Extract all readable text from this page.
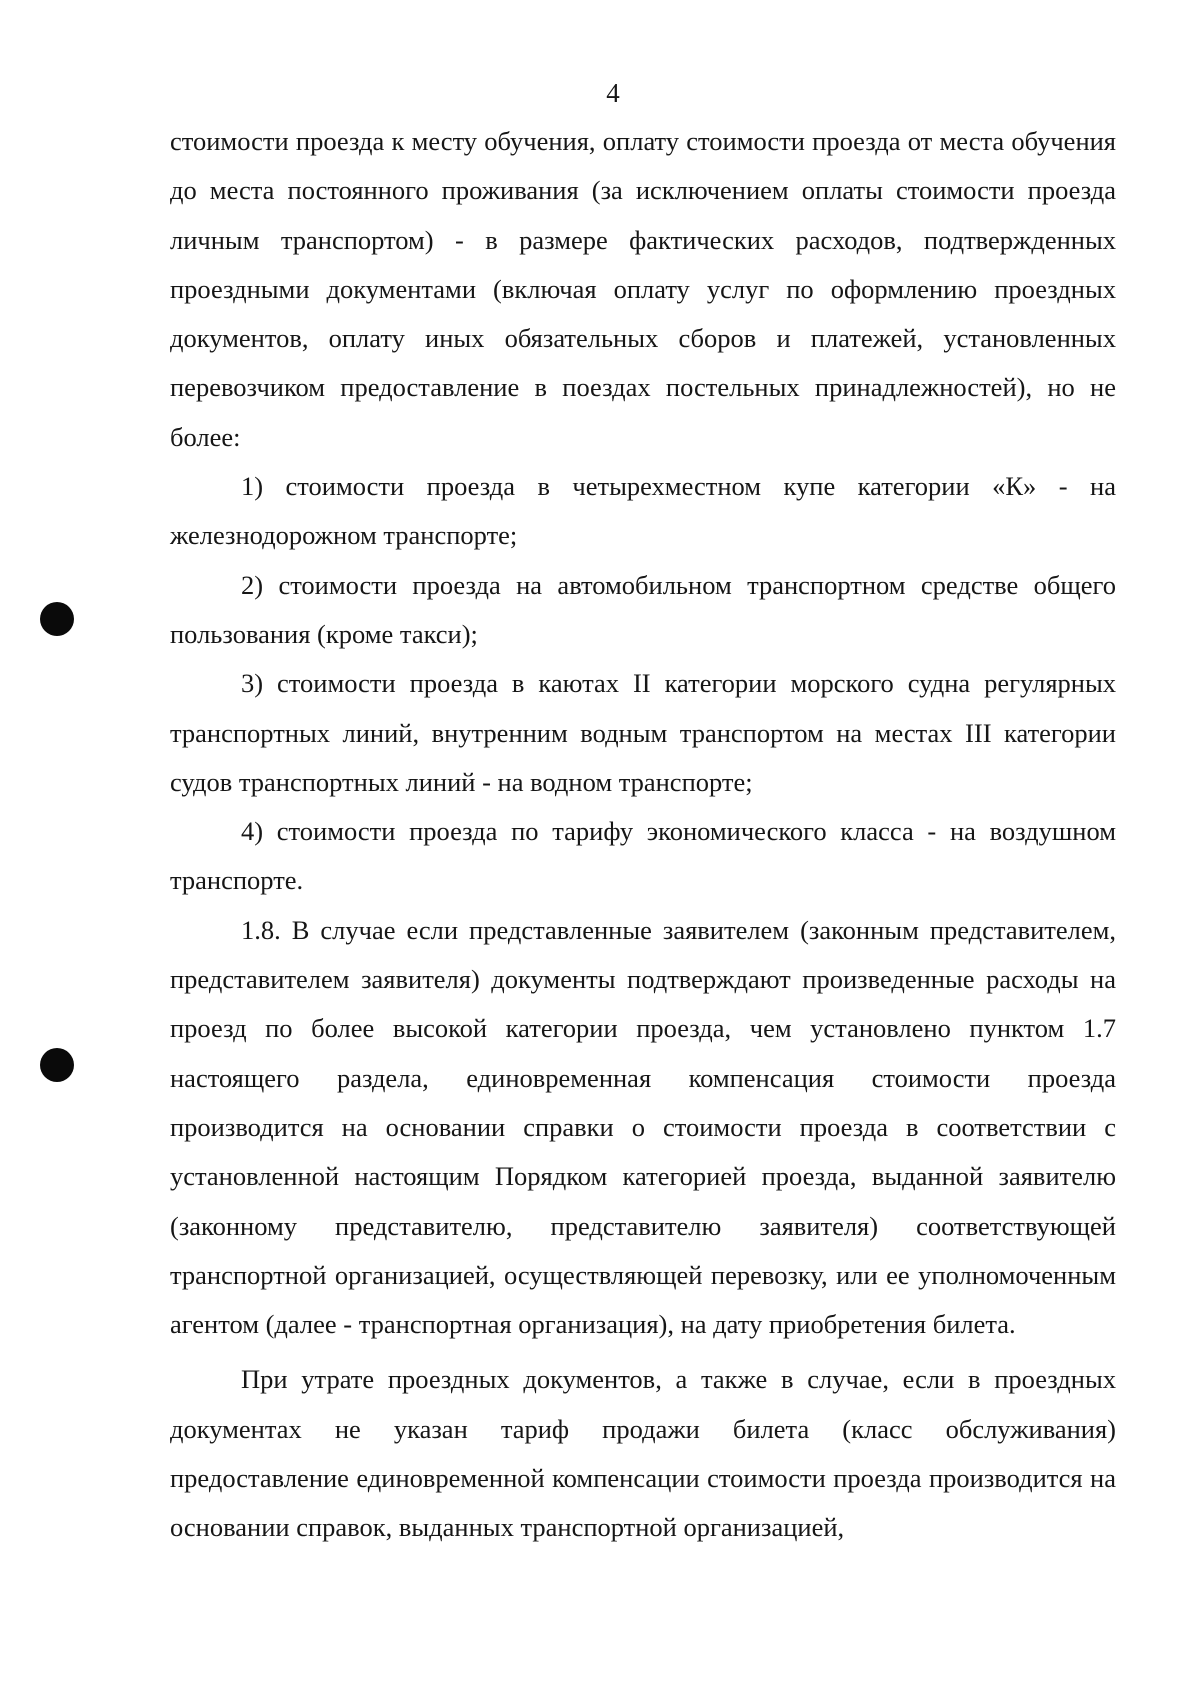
4

стоимости проезда к месту обучения, оплату стоимости проезда от места обучения до места постоянного проживания (за исключением оплаты стоимости проезда личным транспортом) - в размере фактических расходов, подтвержденных проездными документами (включая оплату услуг по оформлению проездных документов, оплату иных обязательных сборов и платежей, установленных перевозчиком предоставление в поездах постельных принадлежностей), но не более:

1) стоимости проезда в четырехместном купе категории «К» - на железнодорожном транспорте;

2) стоимости проезда на автомобильном транспортном средстве общего пользования (кроме такси);

3) стоимости проезда в каютах II категории морского судна регулярных транспортных линий, внутренним водным транспортом на местах III категории судов транспортных линий - на водном транспорте;

4) стоимости проезда по тарифу экономического класса - на воздушном транспорте.

1.8. В случае если представленные заявителем (законным представителем, представителем заявителя) документы подтверждают произведенные расходы на проезд по более высокой категории проезда, чем установлено пунктом 1.7 настоящего раздела, единовременная компенсация стоимости проезда производится на основании справки о стоимости проезда в соответствии с установленной настоящим Порядком категорией проезда, выданной заявителю (законному представителю, представителю заявителя) соответствующей транспортной организацией, осуществляющей перевозку, или ее уполномоченным агентом (далее - транспортная организация), на дату приобретения билета.

При утрате проездных документов, а также в случае, если в проездных документах не указан тариф продажи билета (класс обслуживания) предоставление единовременной компенсации стоимости проезда производится на основании справок, выданных транспортной организацией,
